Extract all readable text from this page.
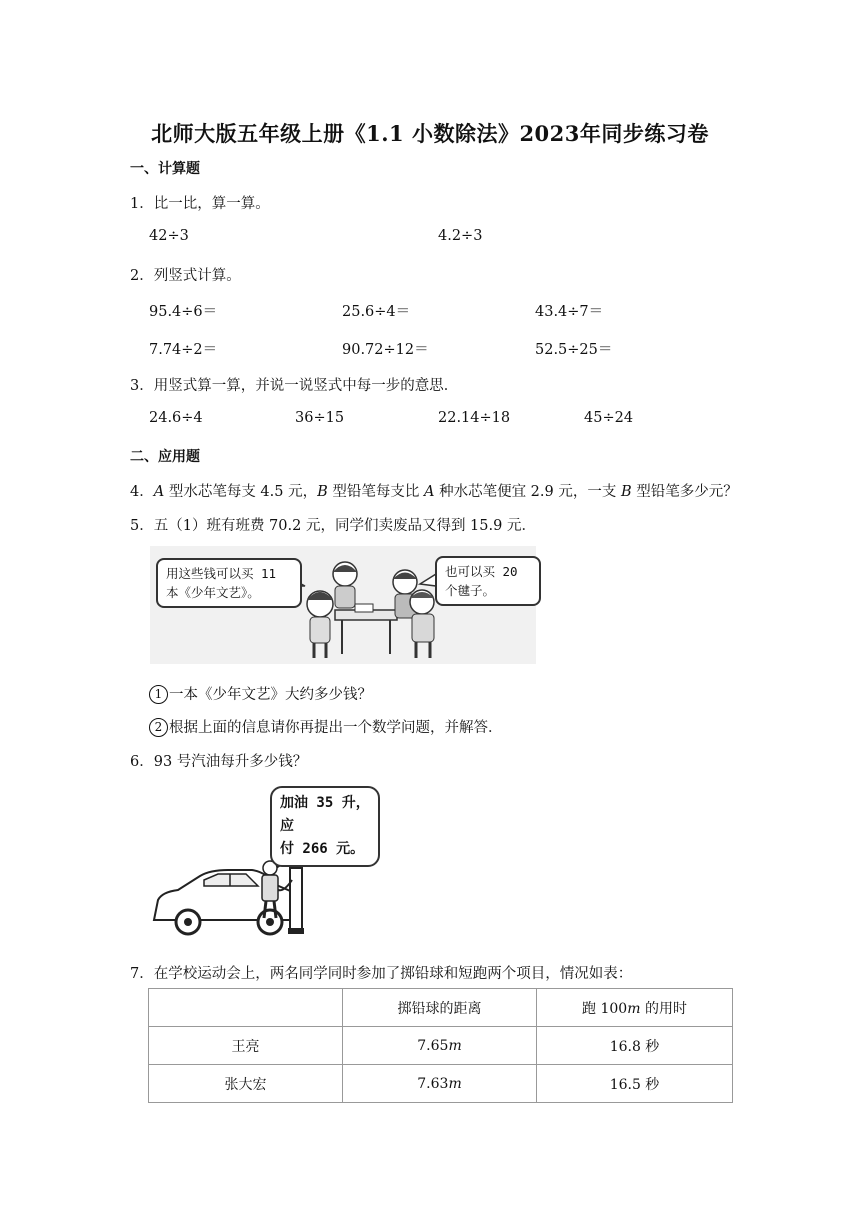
北师大版五年级上册《1.1 小数除法》2023年同步练习卷
一、计算题
1．比一比，算一算。
42÷3	4.2÷3
2．列竖式计算。
95.4÷6＝	25.6÷4＝	43.4÷7＝
7.74÷2＝	90.72÷12＝	52.5÷25＝
3．用竖式算一算，并说一说竖式中每一步的意思．
24.6÷4	36÷15	22.14÷18	45÷24
二、应用题
4．A 型水芯笔每支 4.5 元，B 型铅笔每支比 A 种水芯笔便宜 2.9 元，一支 B 型铅笔多少元？
5．五（1）班有班费 70.2 元，同学们卖废品又得到 15.9 元．
用这些钱可以买 11
本《少年文艺》。
也可以买 20
个毽子。
1 一本《少年文艺》大约多少钱？
2 根据上面的信息请你再提出一个数学问题，并解答．
6．93 号汽油每升多少钱？
加油 35 升，应
付 266 元。
7．在学校运动会上，两名同学同时参加了掷铅球和短跑两个项目，情况如表：
	掷铅球的距离	跑 100m 的用时
王亮	7.65m	16.8 秒
张大宏	7.63m	16.5 秒
